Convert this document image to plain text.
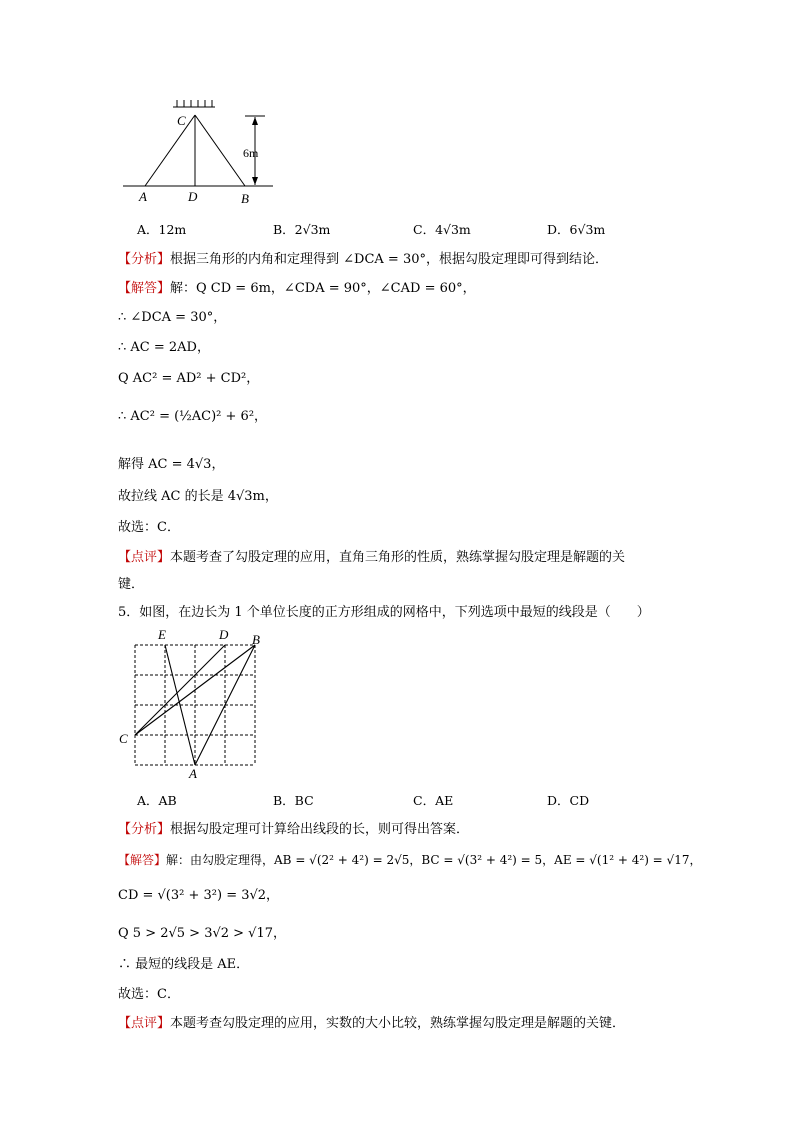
C
A	D	B
6m
A．12m	B．2√3m	C．4√3m	D．6√3m
【分析】根据三角形的内角和定理得到 ∠DCA = 30°，根据勾股定理即可得到结论．
【解答】解：Q CD = 6m，∠CDA = 90°，∠CAD = 60°，
∴ ∠DCA = 30°，
∴ AC = 2AD，
Q AC² = AD² + CD²，
∴ AC² = (½AC)² + 6²，
解得 AC = 4√3，
故拉线 AC 的长是 4√3m，
故选：C．
【点评】本题考查了勾股定理的应用，直角三角形的性质，熟练掌握勾股定理是解题的关
键．
5．如图，在边长为 1 个单位长度的正方形组成的网格中，下列选项中最短的线段是（　　）
E	D B
C
A
A．AB	B．BC	C．AE	D．CD
【分析】根据勾股定理可计算给出线段的长，则可得出答案．
【解答】解：由勾股定理得，AB = √(2² + 4²) = 2√5，BC = √(3² + 4²) = 5，AE = √(1² + 4²) = √17，
CD = √(3² + 3²) = 3√2，
Q 5 > 2√5 > 3√2 > √17，
∴ 最短的线段是 AE．
故选：C．
【点评】本题考查勾股定理的应用，实数的大小比较，熟练掌握勾股定理是解题的关键．
